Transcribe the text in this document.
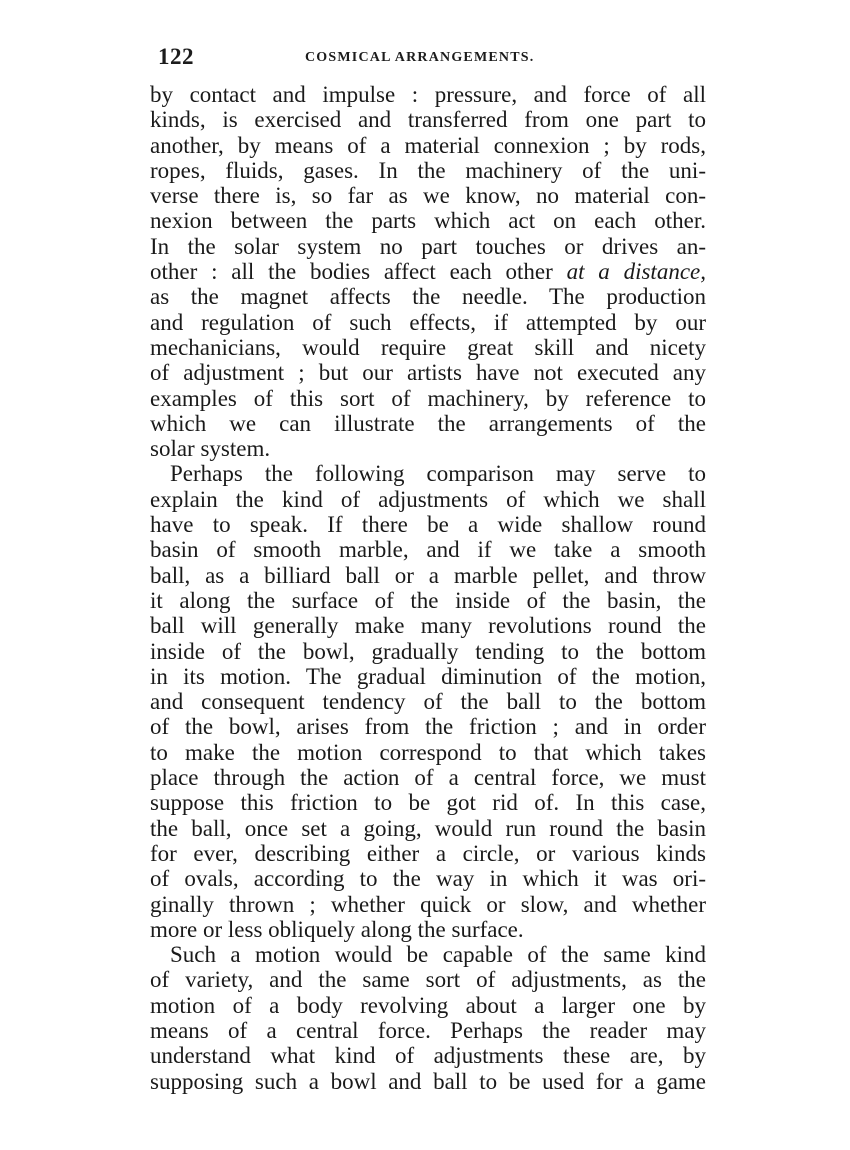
122	COSMICAL ARRANGEMENTS.
by contact and impulse : pressure, and force of all
kinds, is exercised and transferred from one part to
another, by means of a material connexion ; by rods,
ropes, fluids, gases. In the machinery of the uni-
verse there is, so far as we know, no material con-
nexion between the parts which act on each other.
In the solar system no part touches or drives an-
other : all the bodies affect each other at a distance,
as the magnet affects the needle. The production
and regulation of such effects, if attempted by our
mechanicians, would require great skill and nicety
of adjustment ; but our artists have not executed any
examples of this sort of machinery, by reference to
which we can illustrate the arrangements of the
solar system.
Perhaps the following comparison may serve to
explain the kind of adjustments of which we shall
have to speak. If there be a wide shallow round
basin of smooth marble, and if we take a smooth
ball, as a billiard ball or a marble pellet, and throw
it along the surface of the inside of the basin, the
ball will generally make many revolutions round the
inside of the bowl, gradually tending to the bottom
in its motion. The gradual diminution of the motion,
and consequent tendency of the ball to the bottom
of the bowl, arises from the friction ; and in order
to make the motion correspond to that which takes
place through the action of a central force, we must
suppose this friction to be got rid of. In this case,
the ball, once set a going, would run round the basin
for ever, describing either a circle, or various kinds
of ovals, according to the way in which it was ori-
ginally thrown ; whether quick or slow, and whether
more or less obliquely along the surface.
Such a motion would be capable of the same kind
of variety, and the same sort of adjustments, as the
motion of a body revolving about a larger one by
means of a central force. Perhaps the reader may
understand what kind of adjustments these are, by
supposing such a bowl and ball to be used for a game
